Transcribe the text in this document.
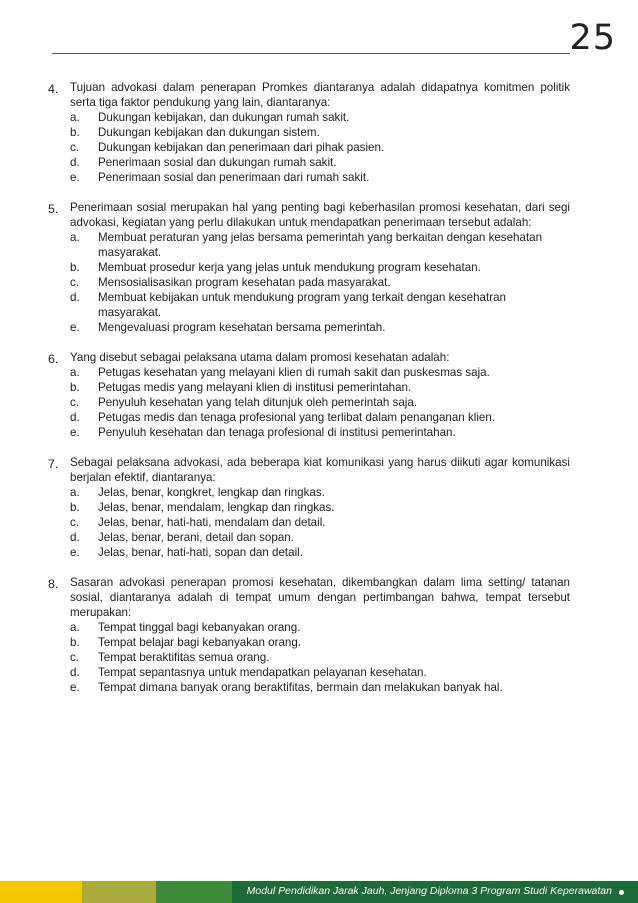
25
4.	Tujuan advokasi dalam penerapan Promkes diantaranya adalah didapatnya komitmen politik serta tiga faktor pendukung yang lain, diantaranya:
a.	Dukungan kebijakan, dan dukungan rumah sakit.
b.	Dukungan kebijakan dan dukungan sistem.
c.	Dukungan kebijakan dan penerimaan dari pihak pasien.
d.	Penerimaan sosial dan dukungan rumah sakit.
e.	Penerimaan sosial dan penerimaan dari rumah sakit.
5.	Penerimaan sosial merupakan hal yang penting bagi keberhasilan promosi kesehatan, dari segi advokasi, kegiatan yang perlu dilakukan untuk mendapatkan penerimaan tersebut adalah:
a.	Membuat peraturan yang jelas bersama pemerintah yang berkaitan dengan kesehatan masyarakat.
b.	Membuat prosedur kerja yang jelas untuk mendukung program kesehatan.
c.	Mensosialisasikan program kesehatan pada masyarakat.
d.	Membuat kebijakan untuk mendukung program yang terkait dengan kesehatran masyarakat.
e.	Mengevaluasi program kesehatan bersama pemerintah.
6.	Yang disebut sebagai pelaksana utama dalam promosi kesehatan adalah:
a.	Petugas kesehatan yang melayani klien di rumah sakit dan puskesmas saja.
b.	Petugas medis yang melayani klien di institusi pemerintahan.
c.	Penyuluh kesehatan yang telah ditunjuk oleh pemerintah saja.
d.	Petugas medis dan tenaga profesional yang terlibat dalam penanganan klien.
e.	Penyuluh kesehatan dan tenaga profesional di institusi pemerintahan.
7.	Sebagai pelaksana advokasi, ada beberapa kiat komunikasi yang harus diikuti agar komunikasi berjalan efektif, diantaranya:
a.	Jelas, benar, kongkret, lengkap dan ringkas.
b.	Jelas, benar, mendalam, lengkap dan ringkas.
c.	Jelas, benar, hati-hati, mendalam dan detail.
d.	Jelas, benar, berani, detail dan sopan.
e.	Jelas, benar, hati-hati, sopan dan detail.
8.	Sasaran advokasi penerapan promosi kesehatan, dikembangkan dalam lima setting/ tatanan sosial, diantaranya adalah di tempat umum dengan pertimbangan bahwa, tempat tersebut merupakan:
a.	Tempat tinggal bagi kebanyakan orang.
b.	Tempat belajar bagi kebanyakan orang.
c.	Tempat beraktifitas semua orang.
d.	Tempat sepantasnya untuk mendapatkan pelayanan kesehatan.
e.	Tempat dimana banyak orang beraktifitas, bermain dan melakukan banyak hal.
Modul Pendidikan Jarak Jauh, Jenjang Diploma 3 Program Studi Keperawatan
